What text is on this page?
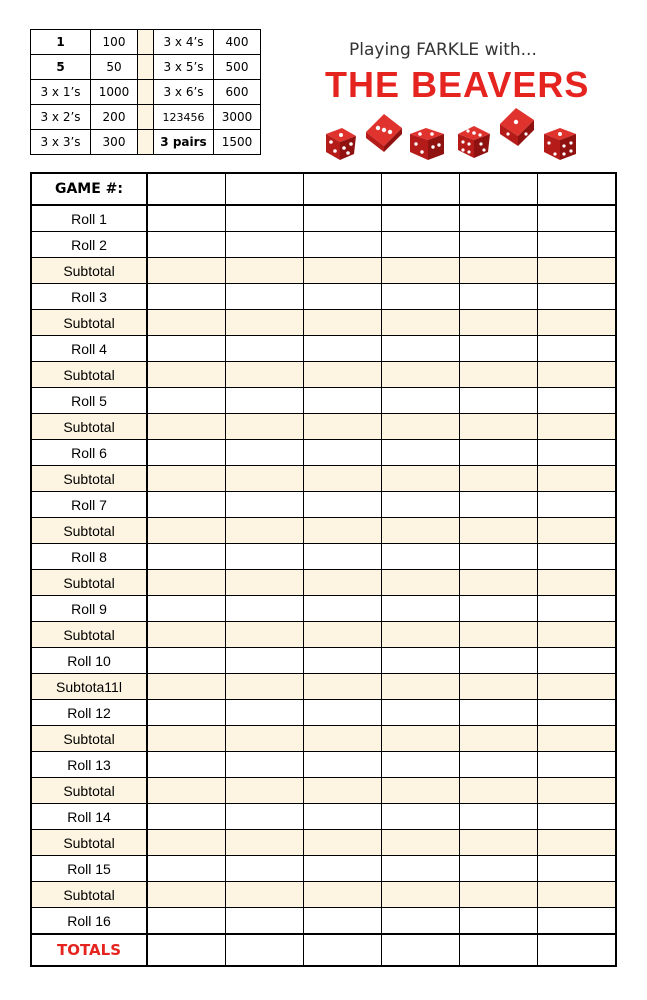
1	100		3 x 4’s	400
5	50		3 x 5’s	500
3 x 1’s	1000		3 x 6’s	600
3 x 2’s	200		123456	3000
3 x 3’s	300		3 pairs	1500
Playing FARKLE with...
THE BEAVERS
GAME #:						
Roll 1						
Roll 2						
Subtotal						
Roll 3						
Subtotal						
Roll 4						
Subtotal						
Roll 5						
Subtotal						
Roll 6						
Subtotal						
Roll 7						
Subtotal						
Roll 8						
Subtotal						
Roll 9						
Subtotal						
Roll 10						
Subtota11l						
Roll 12						
Subtotal						
Roll 13						
Subtotal						
Roll 14						
Subtotal						
Roll 15						
Subtotal						
Roll 16						
TOTALS						
